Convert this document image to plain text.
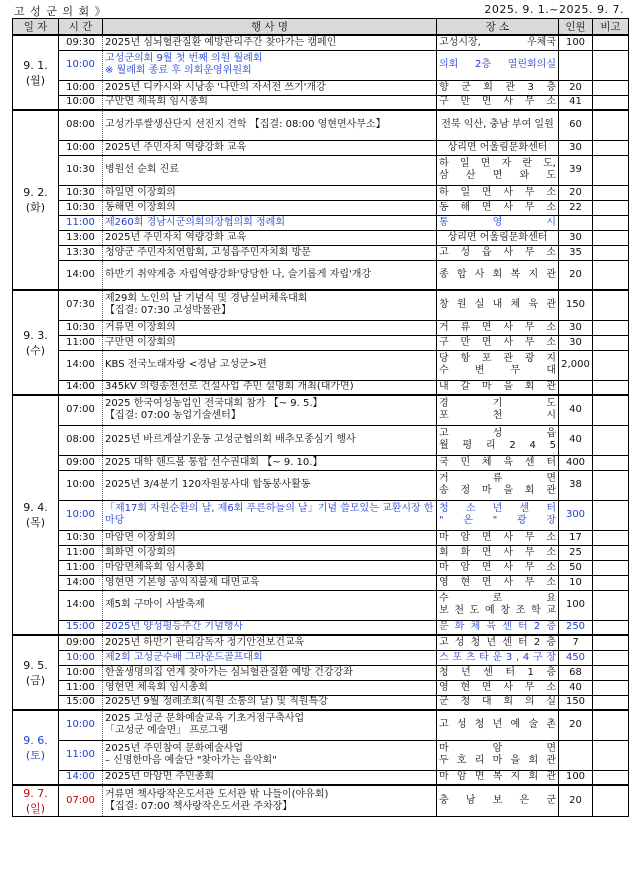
고 성 군 의 회 》	2025. 9. 1.~2025. 9. 7.
일 자	시 간	행 사 명	장 소	인원	비고
9. 1.
(월)	09:30	2025년 심뇌혈관질환 예방관리주간 찾아가는 캠페인	고성시장, 우체국	100	
	10:00	고성군의회 9월 첫 번째 의원 월례회
※ 월례회 종료 후 의회운영위원회	의회 2층 열린회의실		
	10:00	2025년 디카시와 시낭송 '나만의 자서전 쓰기'개강	향 군 회 관 3 층	20	
	10:00	구만면 체육회 임시총회	구 만 면 사 무 소	41	
9. 2.
(화)	08:00	고성가루쌀생산단지 선진지 견학 【집결: 08:00 영현면사무소】	전북 익산, 충남 부여 일원	60	
	10:00	2025년 주민자치 역량강화 교육	상리면 어울림문화센터	30	
	10:30	병원선 순회 진료	하 일 면 자 란 도,
삼 산 면 와 도	39	
	10:30	하일면 이장회의	하 일 면 사 무 소	20	
	10:30	동해면 이장회의	동 해 면 사 무 소	22	
	11:00	제260회 경남시군의회의장협의회 정례회	통 영 시		
	13:00	2025년 주민자치 역량강화 교육	상리면 어울림문화센터	30	
	13:30	청양군 주민자치연합회, 고성읍주민자치회 방문	고 성 읍 사 무 소	35	
	14:00	하반기 취약계층 자립역량강화'당당한 나, 슬기롭게 자립'개강	종 합 사 회 복 지 관	20	
9. 3.
(수)	07:30	제29회 노인의 날 기념식 및 경남실버체육대회
【집결: 07:30 고성박물관】	창 원 실 내 체 육 관	150	
	10:30	거류면 이장회의	거 류 면 사 무 소	30	
	11:00	구만면 이장회의	구 만 면 사 무 소	30	
	14:00	KBS 전국노래자랑 <경남 고성군>편	당 항 포 관 광 지
수 변 무 대	2,000	
	14:00	345kV 의령송전선로 건설사업 주민 설명회 개최(대가면)	내 갈 마 을 회 관		
9. 4.
(목)	07:00	2025 한국여성농업인 전국대회 참가 【~ 9. 5.】
【집결: 07:00 농업기술센터】	경 기 도
포 천 시	40	
	08:00	2025년 바르게살기운동 고성군협의회 배추모종심기 행사	고 성 읍
월 평 리 2 4 5	40	
	09:00	2025 대학 핸드볼 통합 선수권대회 【~ 9. 10.】	국 민 체 육 센 터	400	
	10:00	2025년 3/4분기 120자원봉사대 합동봉사활동	거 류 면
송 정 마 을 회 관	38	
	10:00	「제17회 자원순환의 날, 제6회 푸른하늘의 날」기념 쓸모있는 교환시장 한마당	청 소 년 센 터
" 온 " 광 장	300	
	10:30	마암면 이장회의	마 암 면 사 무 소	17	
	11:00	회화면 이장회의	회 화 면 사 무 소	25	
	11:00	마암면체육회 임시총회	마 암 면 사 무 소	50	
	14:00	영현면 기본형 공익직불제 대면교육	영 현 면 사 무 소	10	
	14:00	제5회 구마이 사발축제	수 로 요
보 천 도 예 창 조 학 교	100	
	15:00	2025년 양성평등주간 기념행사	문 화 체 육 센 터 2 층	250	
9. 5.
(금)	09:00	2025년 하반기 관리감독자 정기안전보건교육	고 성 청 년 센 터 2 층	7	
	10:00	제2회 고성군수배 그라운드골프대회	스 포 츠 타 운 3 , 4 구 장	450	
	10:00	한울생명의집 연계 찾아가는 심뇌혈관질환 예방 건강강좌	청 년 센 터 1 층	68	
	11:00	영현면 체육회 임시총회	영 현 면 사 무 소	40	
	15:00	2025년 9월 정례조회(직원 소통의 날) 및 직원특강	군 청 대 회 의 실	150	
9. 6.
(토)	10:00	2025 고성군 문화예술교육 기초거점구축사업
「고성군 예술면」 프로그램	고 성 청 년 예 술 촌	20	
	11:00	2025년 주민참여 문화예술사업
– 신명한마음 예술단 "찾아가는 음악회"	마 암 면
두 호 리 마 을 회 관		
	14:00	2025년 마암면 주민총회	마 암 면 복 지 회 관	100	
9. 7.
(일)	07:00	거류면 책사랑작은도서관 도서관 밖 나들이(야유회)
【집결: 07:00 책사랑작은도서관 주차장】	충 남 보 은 군	20	
